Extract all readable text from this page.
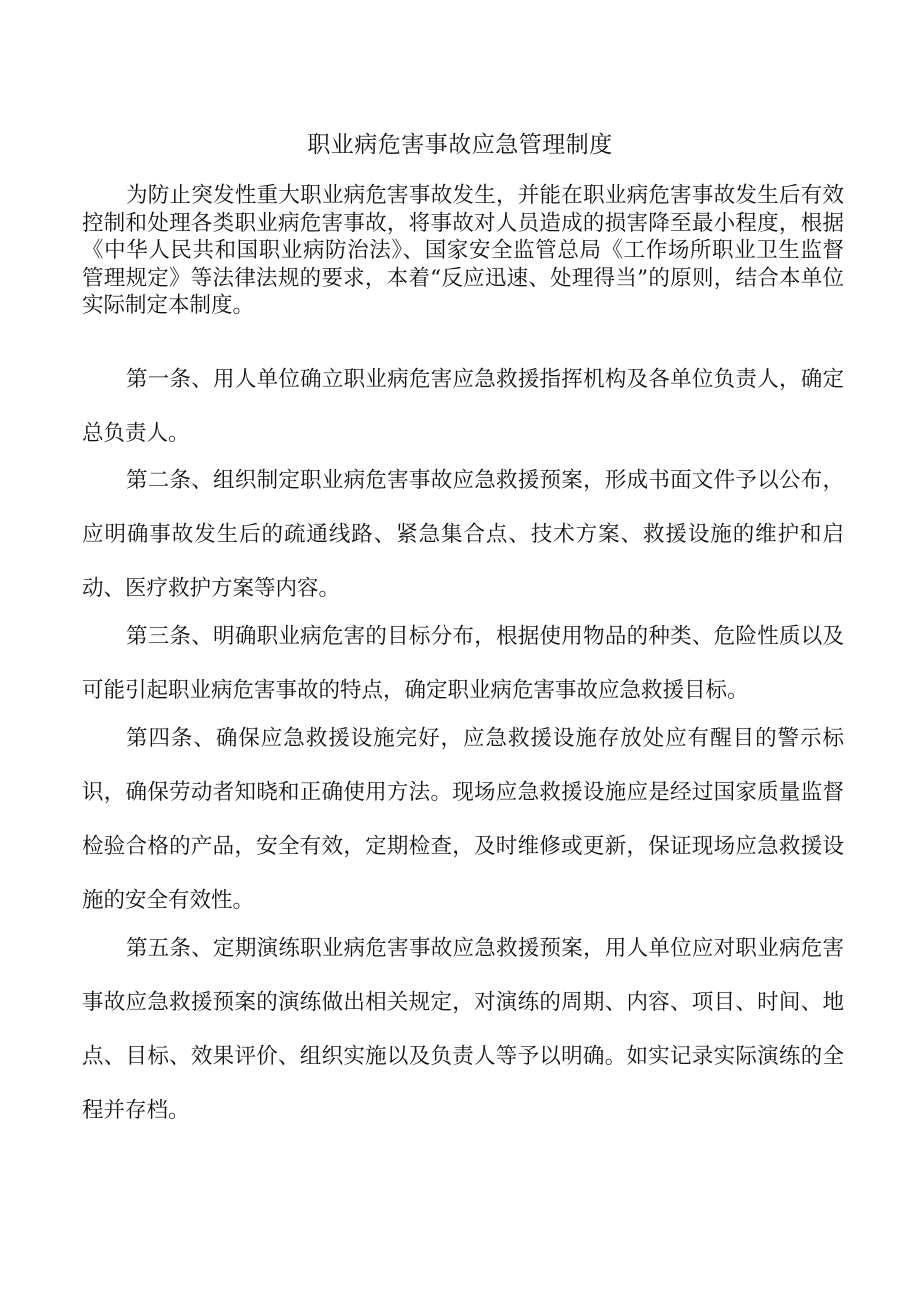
职业病危害事故应急管理制度

为防止突发性重大职业病危害事故发生，并能在职业病危害事故发生后有效控制和处理各类职业病危害事故，将事故对人员造成的损害降至最小程度，根据《中华人民共和国职业病防治法》、国家安全监管总局《工作场所职业卫生监督管理规定》等法律法规的要求，本着“反应迅速、处理得当”的原则，结合本单位实际制定本制度。

第一条、用人单位确立职业病危害应急救援指挥机构及各单位负责人，确定总负责人。

第二条、组织制定职业病危害事故应急救援预案，形成书面文件予以公布，应明确事故发生后的疏通线路、紧急集合点、技术方案、救援设施的维护和启动、医疗救护方案等内容。

第三条、明确职业病危害的目标分布，根据使用物品的种类、危险性质以及可能引起职业病危害事故的特点，确定职业病危害事故应急救援目标。

第四条、确保应急救援设施完好，应急救援设施存放处应有醒目的警示标识，确保劳动者知晓和正确使用方法。现场应急救援设施应是经过国家质量监督检验合格的产品，安全有效，定期检查，及时维修或更新，保证现场应急救援设施的安全有效性。

第五条、定期演练职业病危害事故应急救援预案，用人单位应对职业病危害事故应急救援预案的演练做出相关规定，对演练的周期、内容、项目、时间、地点、目标、效果评价、组织实施以及负责人等予以明确。如实记录实际演练的全程并存档。
